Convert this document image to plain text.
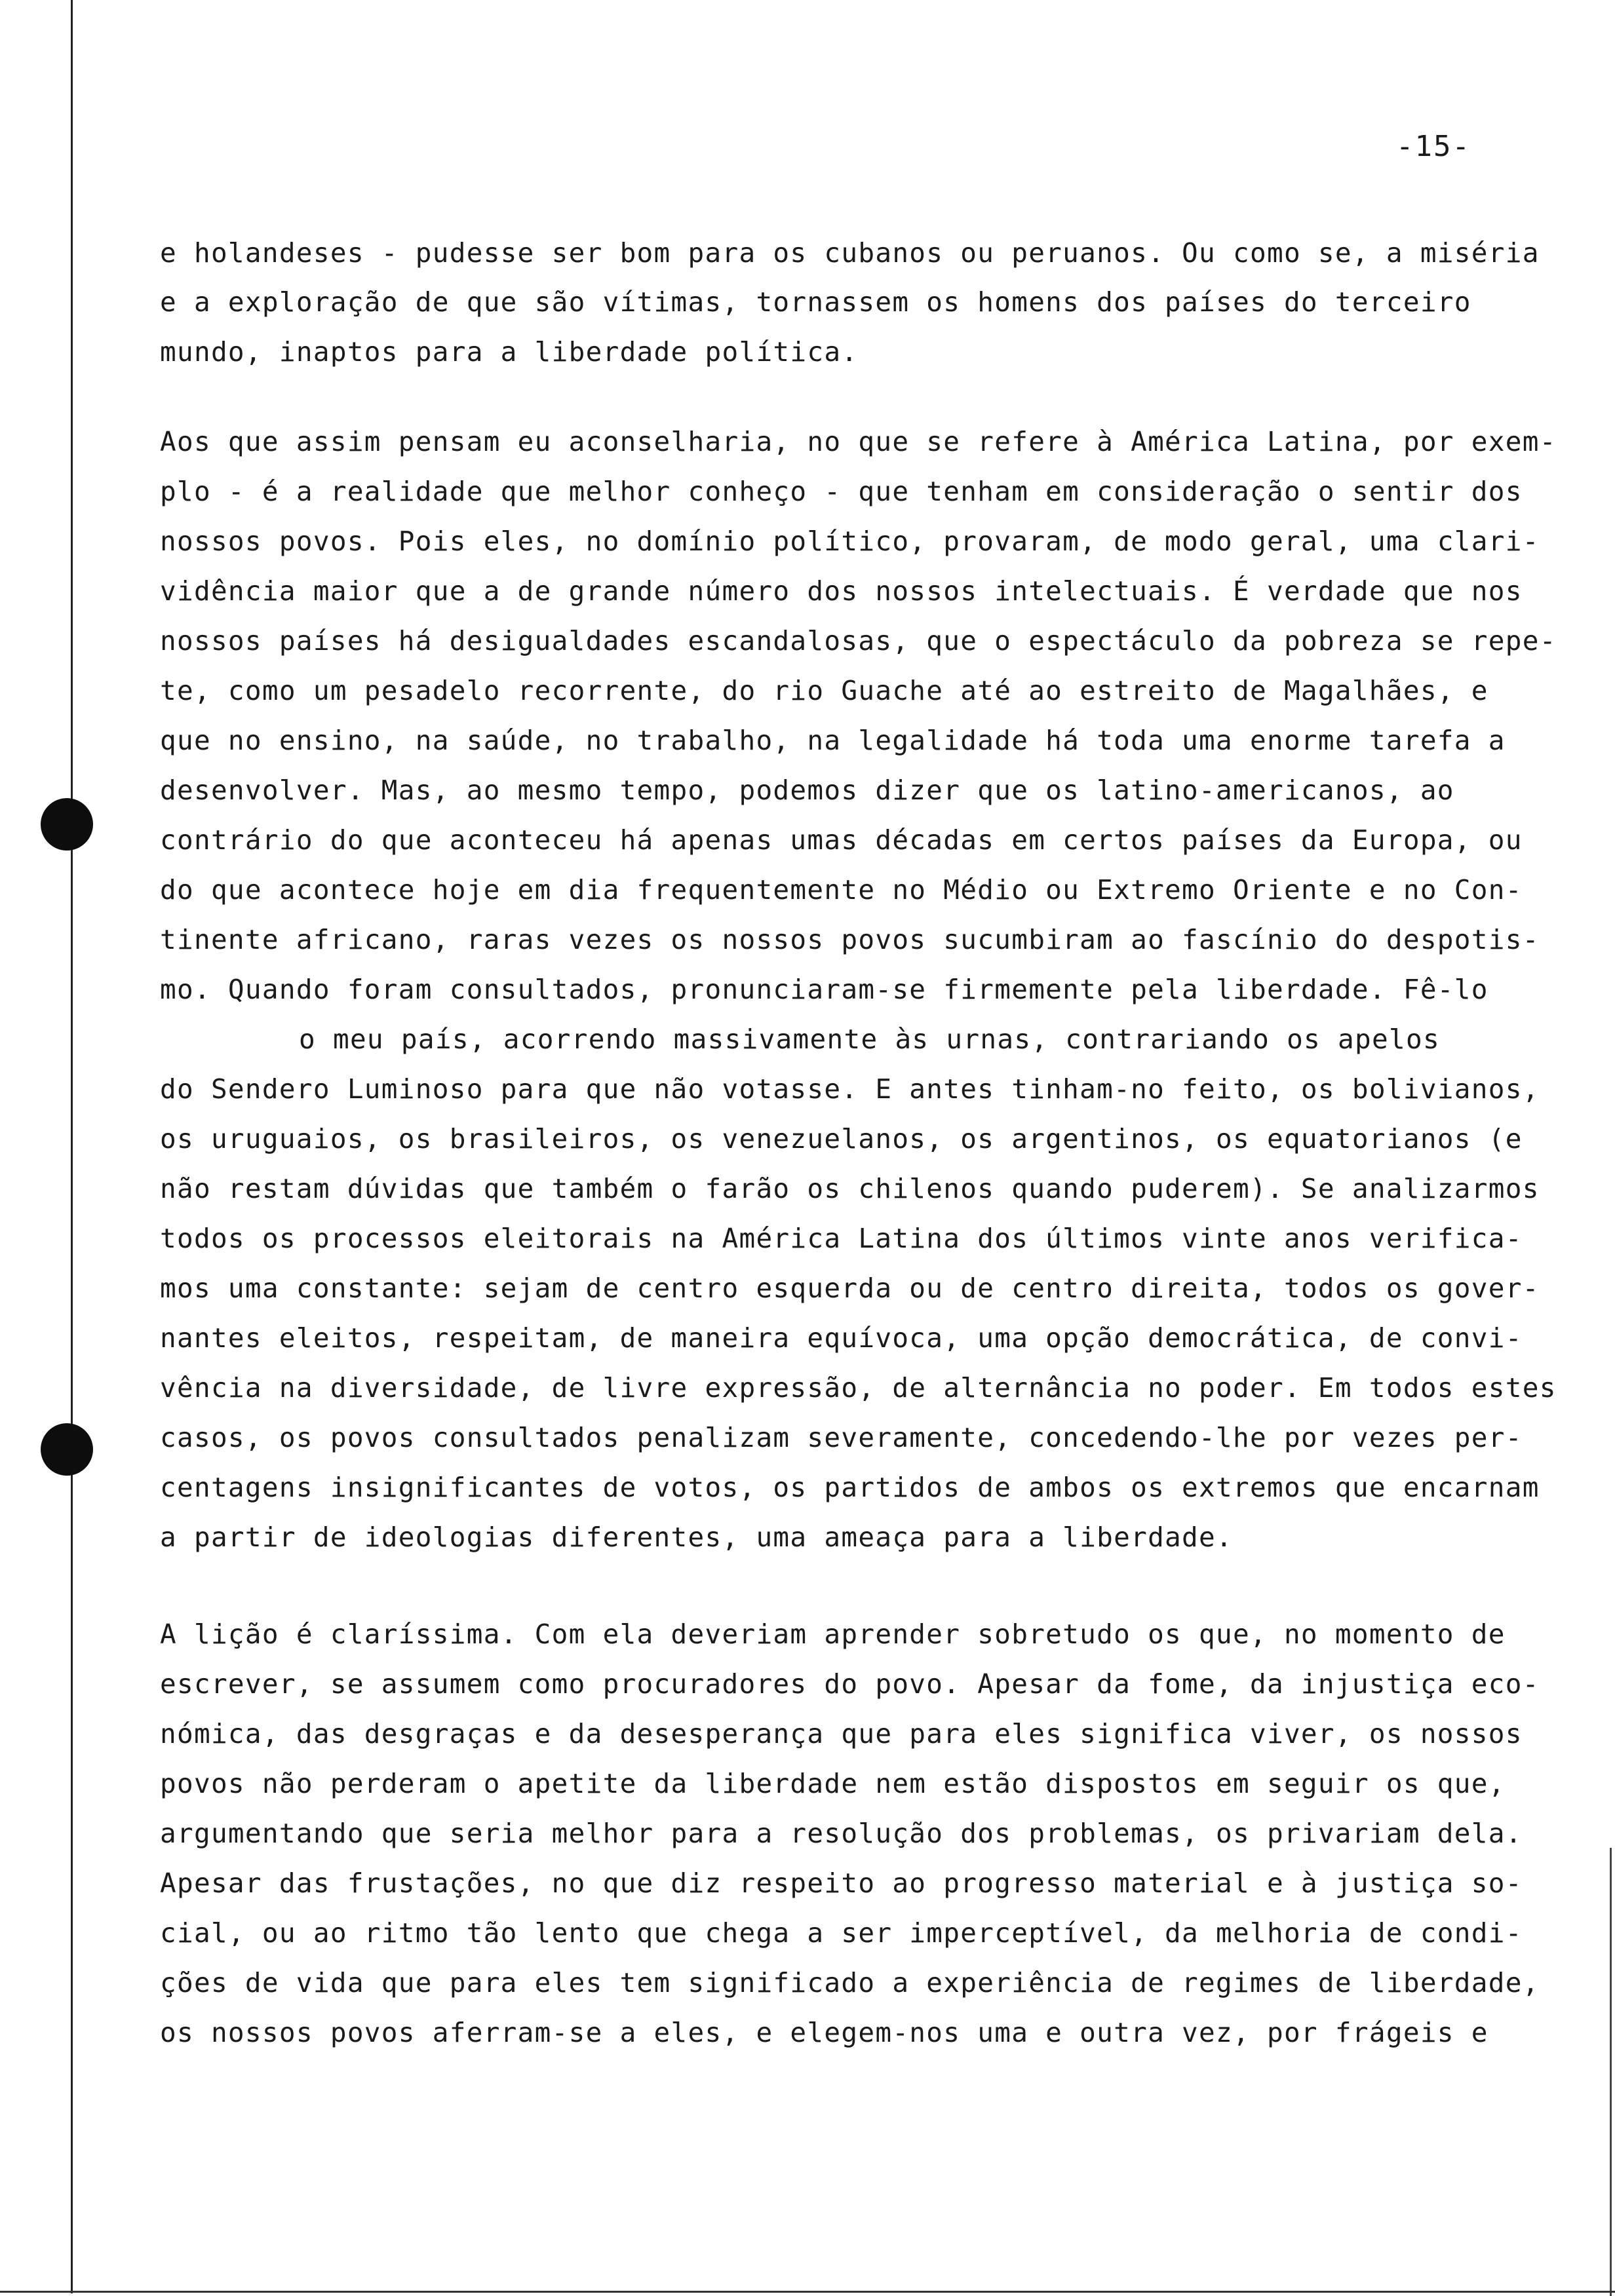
-15-
e holandeses - pudesse ser bom para os cubanos ou peruanos. Ou como se, a miséria
e a exploração de que são vítimas, tornassem os homens dos países do terceiro
mundo, inaptos para a liberdade política.
Aos que assim pensam eu aconselharia, no que se refere à América Latina, por exem-
plo - é a realidade que melhor conheço - que tenham em consideração o sentir dos
nossos povos. Pois eles, no domínio político, provaram, de modo geral, uma clari-
vidência maior que a de grande número dos nossos intelectuais. É verdade que nos
nossos países há desigualdades escandalosas, que o espectáculo da pobreza se repe-
te, como um pesadelo recorrente, do rio Guache até ao estreito de Magalhães, e
que no ensino, na saúde, no trabalho, na legalidade há toda uma enorme tarefa a
desenvolver. Mas, ao mesmo tempo, podemos dizer que os latino-americanos, ao
contrário do que aconteceu há apenas umas décadas em certos países da Europa, ou
do que acontece hoje em dia frequentemente no Médio ou Extremo Oriente e no Con-
tinente africano, raras vezes os nossos povos sucumbiram ao fascínio do despotis-
mo. Quando foram consultados, pronunciaram-se firmemente pela liberdade. Fê-lo
o meu país, acorrendo massivamente às urnas, contrariando os apelos
do Sendero Luminoso para que não votasse. E antes tinham-no feito, os bolivianos,
os uruguaios, os brasileiros, os venezuelanos, os argentinos, os equatorianos (e
não restam dúvidas que também o farão os chilenos quando puderem). Se analizarmos
todos os processos eleitorais na América Latina dos últimos vinte anos verifica-
mos uma constante: sejam de centro esquerda ou de centro direita, todos os gover-
nantes eleitos, respeitam, de maneira equívoca, uma opção democrática, de convi-
vência na diversidade, de livre expressão, de alternância no poder. Em todos estes
casos, os povos consultados penalizam severamente, concedendo-lhe por vezes per-
centagens insignificantes de votos, os partidos de ambos os extremos que encarnam
a partir de ideologias diferentes, uma ameaça para a liberdade.
A lição é claríssima. Com ela deveriam aprender sobretudo os que, no momento de
escrever, se assumem como procuradores do povo. Apesar da fome, da injustiça eco-
nómica, das desgraças e da desesperança que para eles significa viver, os nossos
povos não perderam o apetite da liberdade nem estão dispostos em seguir os que,
argumentando que seria melhor para a resolução dos problemas, os privariam dela.
Apesar das frustações, no que diz respeito ao progresso material e à justiça so-
cial, ou ao ritmo tão lento que chega a ser imperceptível, da melhoria de condi-
ções de vida que para eles tem significado a experiência de regimes de liberdade,
os nossos povos aferram-se a eles, e elegem-nos uma e outra vez, por frágeis e
